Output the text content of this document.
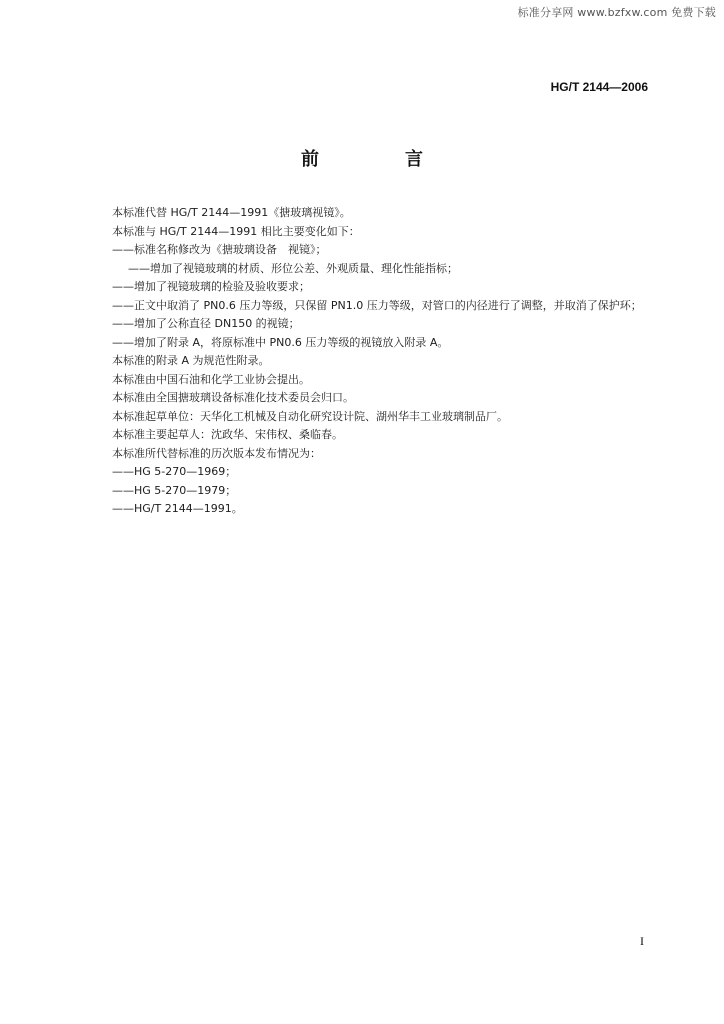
标准分享网 www.bzfxw.com 免费下载
HG/T 2144—2006
前　言
本标准代替 HG/T 2144—1991《搪玻璃视镜》。
本标准与 HG/T 2144—1991 相比主要变化如下：
——标准名称修改为《搪玻璃设备　视镜》；
——增加了视镜玻璃的材质、形位公差、外观质量、理化性能指标；
——增加了视镜玻璃的检验及验收要求；
——正文中取消了 PN0.6 压力等级，只保留 PN1.0 压力等级，对管口的内径进行了调整，并取消了保护环；
——增加了公称直径 DN150 的视镜；
——增加了附录 A，将原标准中 PN0.6 压力等级的视镜放入附录 A。
本标准的附录 A 为规范性附录。
本标准由中国石油和化学工业协会提出。
本标准由全国搪玻璃设备标准化技术委员会归口。
本标准起草单位：天华化工机械及自动化研究设计院、湖州华丰工业玻璃制品厂。
本标准主要起草人：沈政华、宋伟权、桑临春。
本标准所代替标准的历次版本发布情况为：
——HG 5-270—1969；
——HG 5-270—1979；
——HG/T 2144—1991。
I
